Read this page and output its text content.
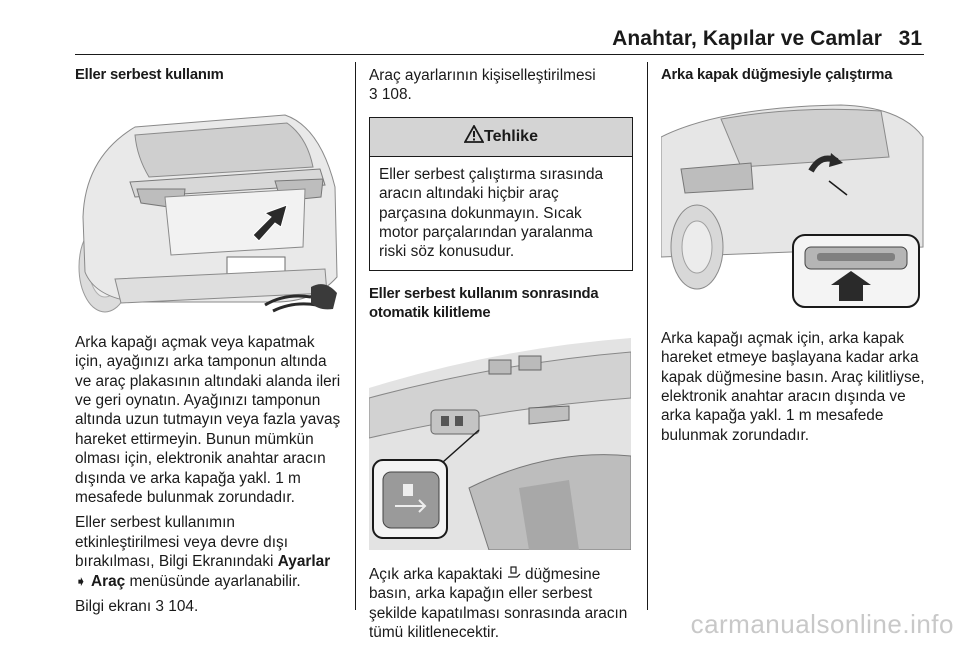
Anahtar, Kapılar ve Camlar 31
Eller serbest kullanım

Arka kapağı açmak veya kapatmak için, ayağınızı arka tamponun altında ve araç plakasının altındaki alanda ileri ve geri oynatın. Ayağınızı tamponun altında uzun tutmayın veya fazla yavaş hareket ettirmeyin. Bunun mümkün olması için, elektronik anahtar aracın dışında ve arka kapağa yakl. 1 m mesafede bulunmak zorundadır.

Eller serbest kullanımın etkinleştirilmesi veya devre dışı bırakılması, Bilgi Ekranındaki Ayarlar
➧ Araç menüsünde ayarlanabilir.

Bilgi ekranı 3 104.

Araç ayarlarının kişiselleştirilmesi
3 108.

Tehlike
Eller serbest çalıştırma sırasında aracın altındaki hiçbir araç parçasına dokunmayın. Sıcak motor parçalarından yaralanma riski söz konusudur.
Eller serbest kullanım sonrasında otomatik kilitleme

Açık arka kapaktaki  düğmesine basın, arka kapağın eller serbest şekilde kapatılması sonrasında aracın tümü kilitlenecektir.

Arka kapak düğmesiyle çalıştırma

Arka kapağı açmak için, arka kapak hareket etmeye başlayana kadar arka kapak düğmesine basın. Araç kilitliyse, elektronik anahtar aracın dışında ve arka kapağa yakl. 1 m mesafede bulunmak zorundadır.

carmanualsonline.info
